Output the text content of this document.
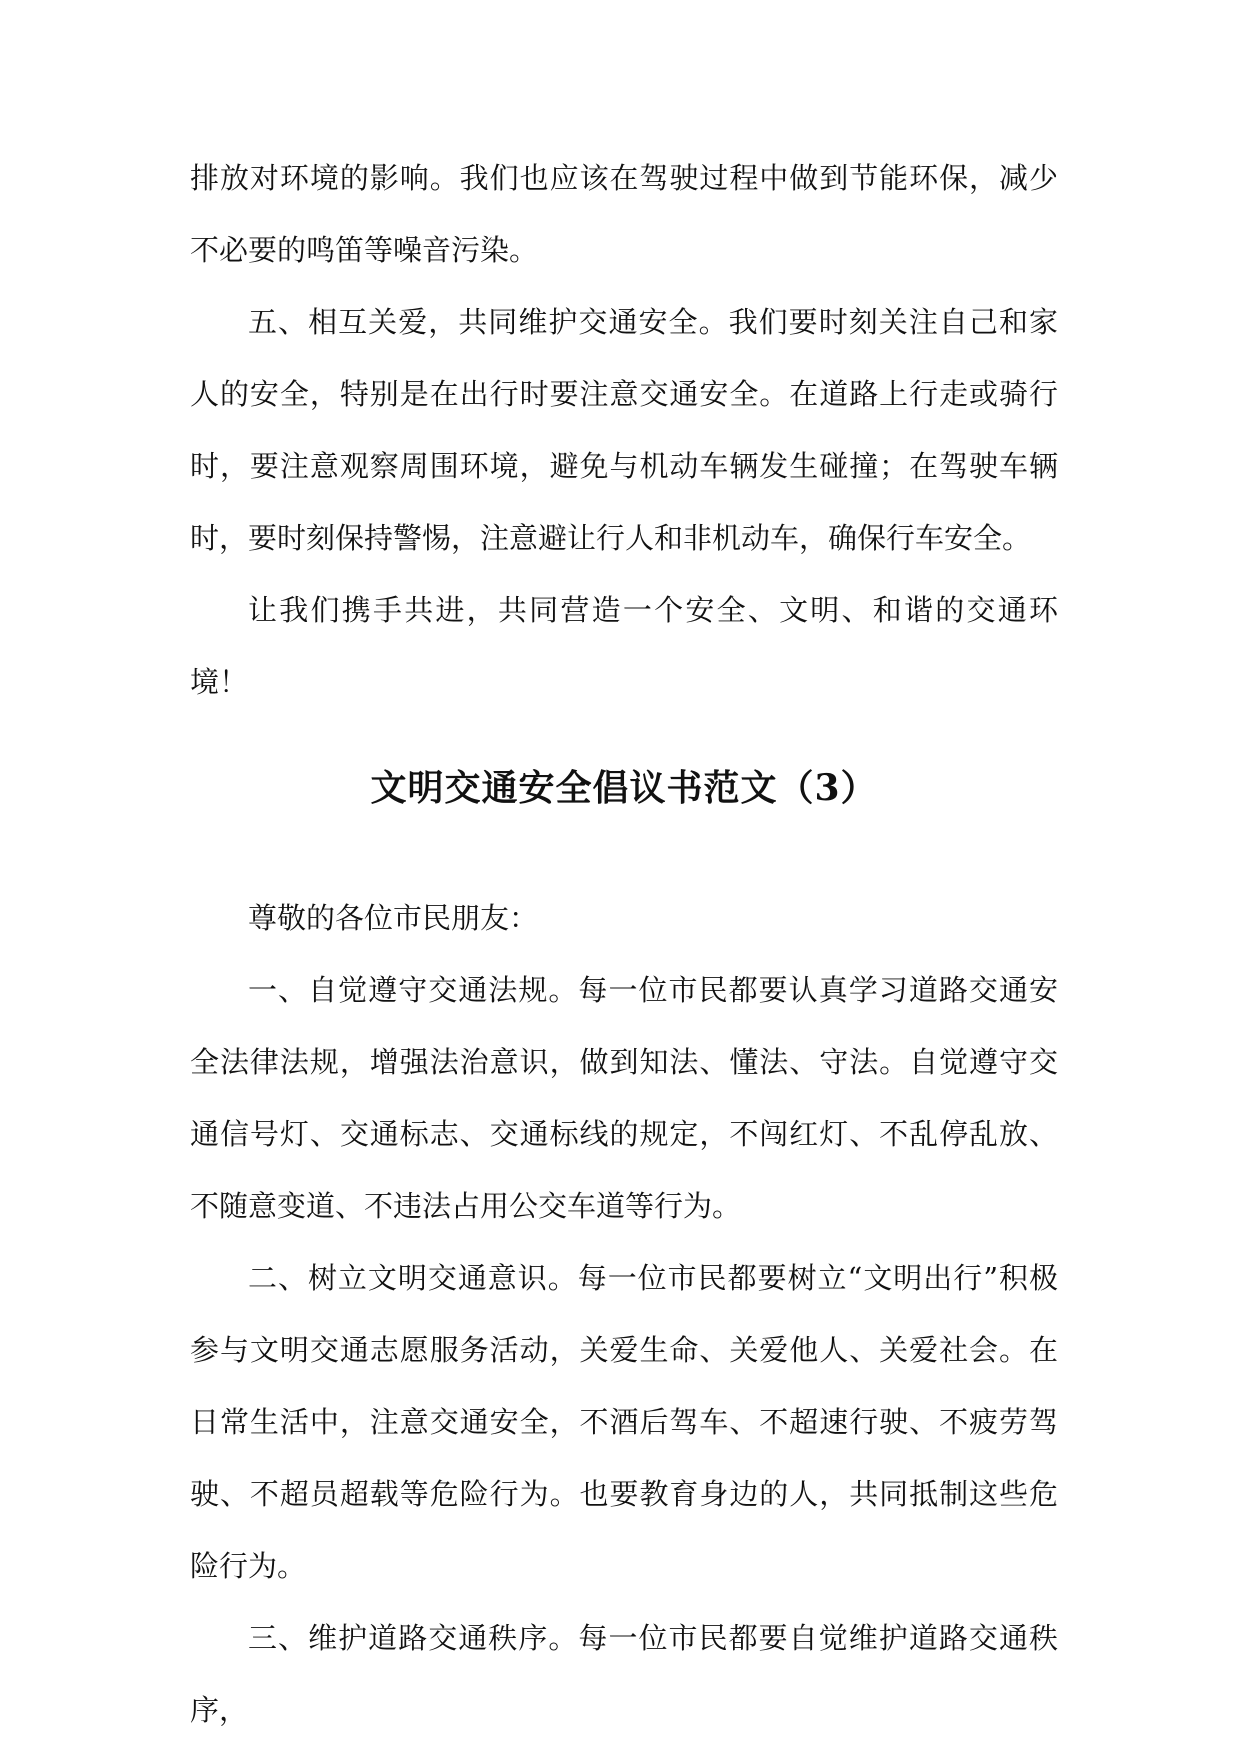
排放对环境的影响。我们也应该在驾驶过程中做到节能环保，减少不必要的鸣笛等噪音污染。

五、相互关爱，共同维护交通安全。我们要时刻关注自己和家人的安全，特别是在出行时要注意交通安全。在道路上行走或骑行时，要注意观察周围环境，避免与机动车辆发生碰撞；在驾驶车辆时，要时刻保持警惕，注意避让行人和非机动车，确保行车安全。

让我们携手共进，共同营造一个安全、文明、和谐的交通环境！

文明交通安全倡议书范文（3）

尊敬的各位市民朋友：

一、自觉遵守交通法规。每一位市民都要认真学习道路交通安全法律法规，增强法治意识，做到知法、懂法、守法。自觉遵守交通信号灯、交通标志、交通标线的规定，不闯红灯、不乱停乱放、不随意变道、不违法占用公交车道等行为。

二、树立文明交通意识。每一位市民都要树立“文明出行”积极参与文明交通志愿服务活动，关爱生命、关爱他人、关爱社会。在日常生活中，注意交通安全，不酒后驾车、不超速行驶、不疲劳驾驶、不超员超载等危险行为。也要教育身边的人，共同抵制这些危险行为。

三、维护道路交通秩序。每一位市民都要自觉维护道路交通秩序，
